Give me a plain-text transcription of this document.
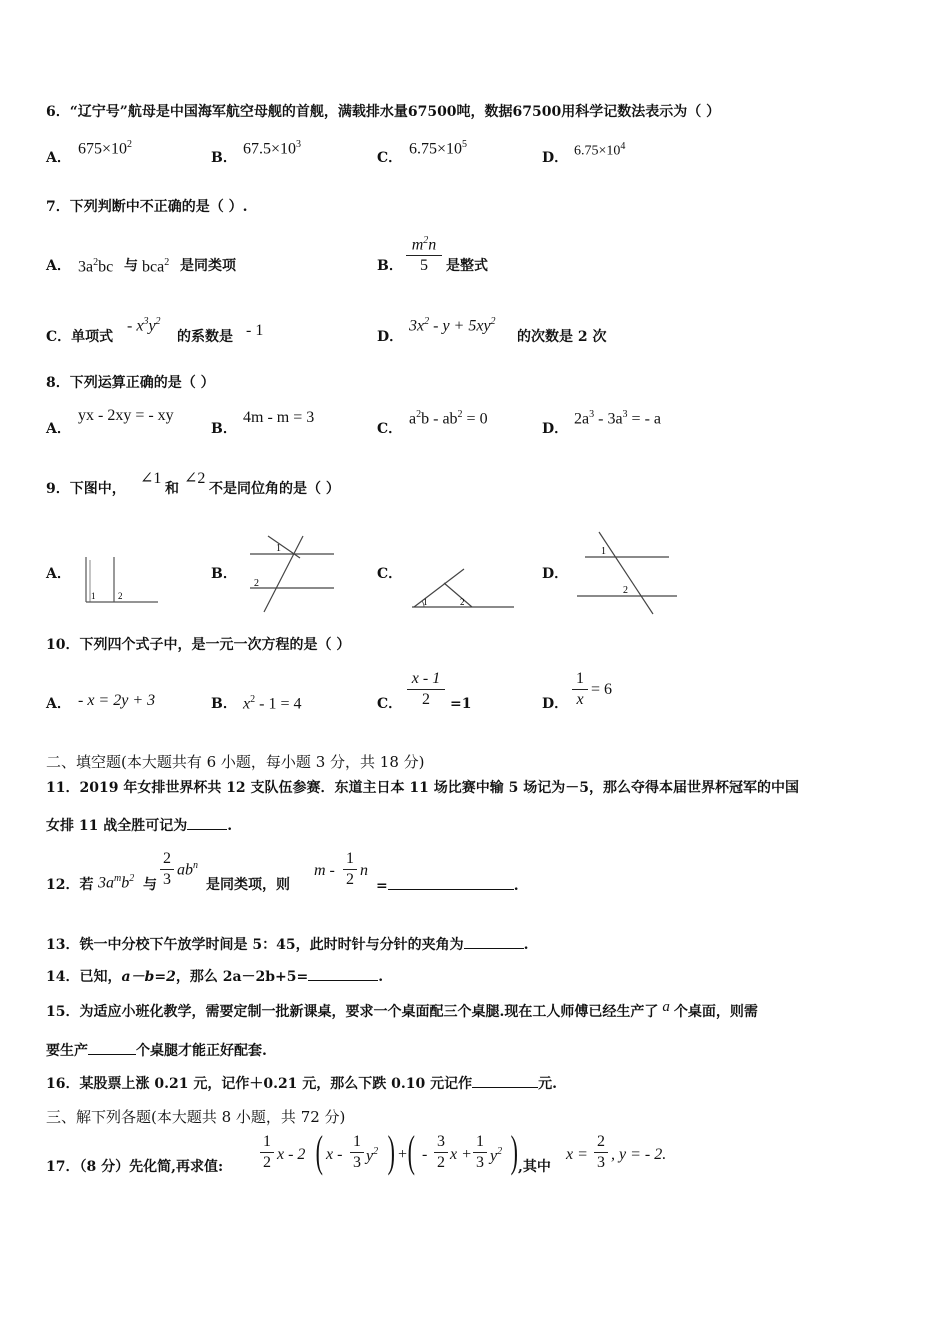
6．“辽宁号”航母是中国海军航空母舰的首舰，满载排水量67500吨，数据67500用科学记数法表示为（ ）
A．
$675\times 10^2$
B．
$67.5\times 10^3$
C．
$6.75\times 10^5$
D． $6.75\times 10^4$
7．下列判断中不正确的是（ ）.
A． $3a^2bc$ 与 bca$^2$ 是同类项	B．
$m^2n$
5	是整式
C．单项式
- $x^3y^2$
的系数是 - 1	D．
$3x^2 - y + 5xy^2$
的次数是 2 次
8．下列运算正确的是（ ）
A．
yx - 2xy = - xy
B．
4m - m = 3
C．
$a^2b - ab^2 = 0$
D．
$2a^3 - 3a^3$ = - a
9．下图中，
∠1
和
∠2
不是同位角的是（ ）
A．
1	2
B．
1
2
C．
1	2
D．
1
2
10．下列四个式子中，是一元一次方程的是（ ）
A． - x = 2y + 3	B． $x^2 - 1 = 4$	C．
x - 1
2	=1	D．
1
x
= 6
二、填空题(本大题共有 6 小题，每小题 3 分，共 18 分)
11．2019 年女排世界杯共 12 支队伍参赛．东道主日本 11 场比赛中输 5 场记为－5，那么夺得本届世界杯冠军的中国
女排 11 战全胜可记为	.
12．若 $3a^mb^2$ 与
2
3
$ab^n$
是同类项，则
m -
1
2
n
=	.
13．铁一中分校下午放学时间是 5：45，此时时针与分针的夹角为	.
14．已知，a－b=2，那么 2a－2b+5=	.
15．为适应小班化教学，需要定制一批新课桌，要求一个桌面配三个桌腿.现在工人师傅已经生产了 a 个桌面，则需
要生产	个桌腿才能正好配套.
16．某股票上涨 0.21 元，记作＋0.21 元，那么下跌 0.10 元记作	元.
三、解下列各题(本大题共 8 小题，共 72 分)
17．（8 分）先化简,再求值:
1
2 x - 2 ( x -
1
3 $y^2$ ) + ( -
3
2 x +
1
3 $y^2$ ) ,其中
x =
2
3 , y = - 2.
